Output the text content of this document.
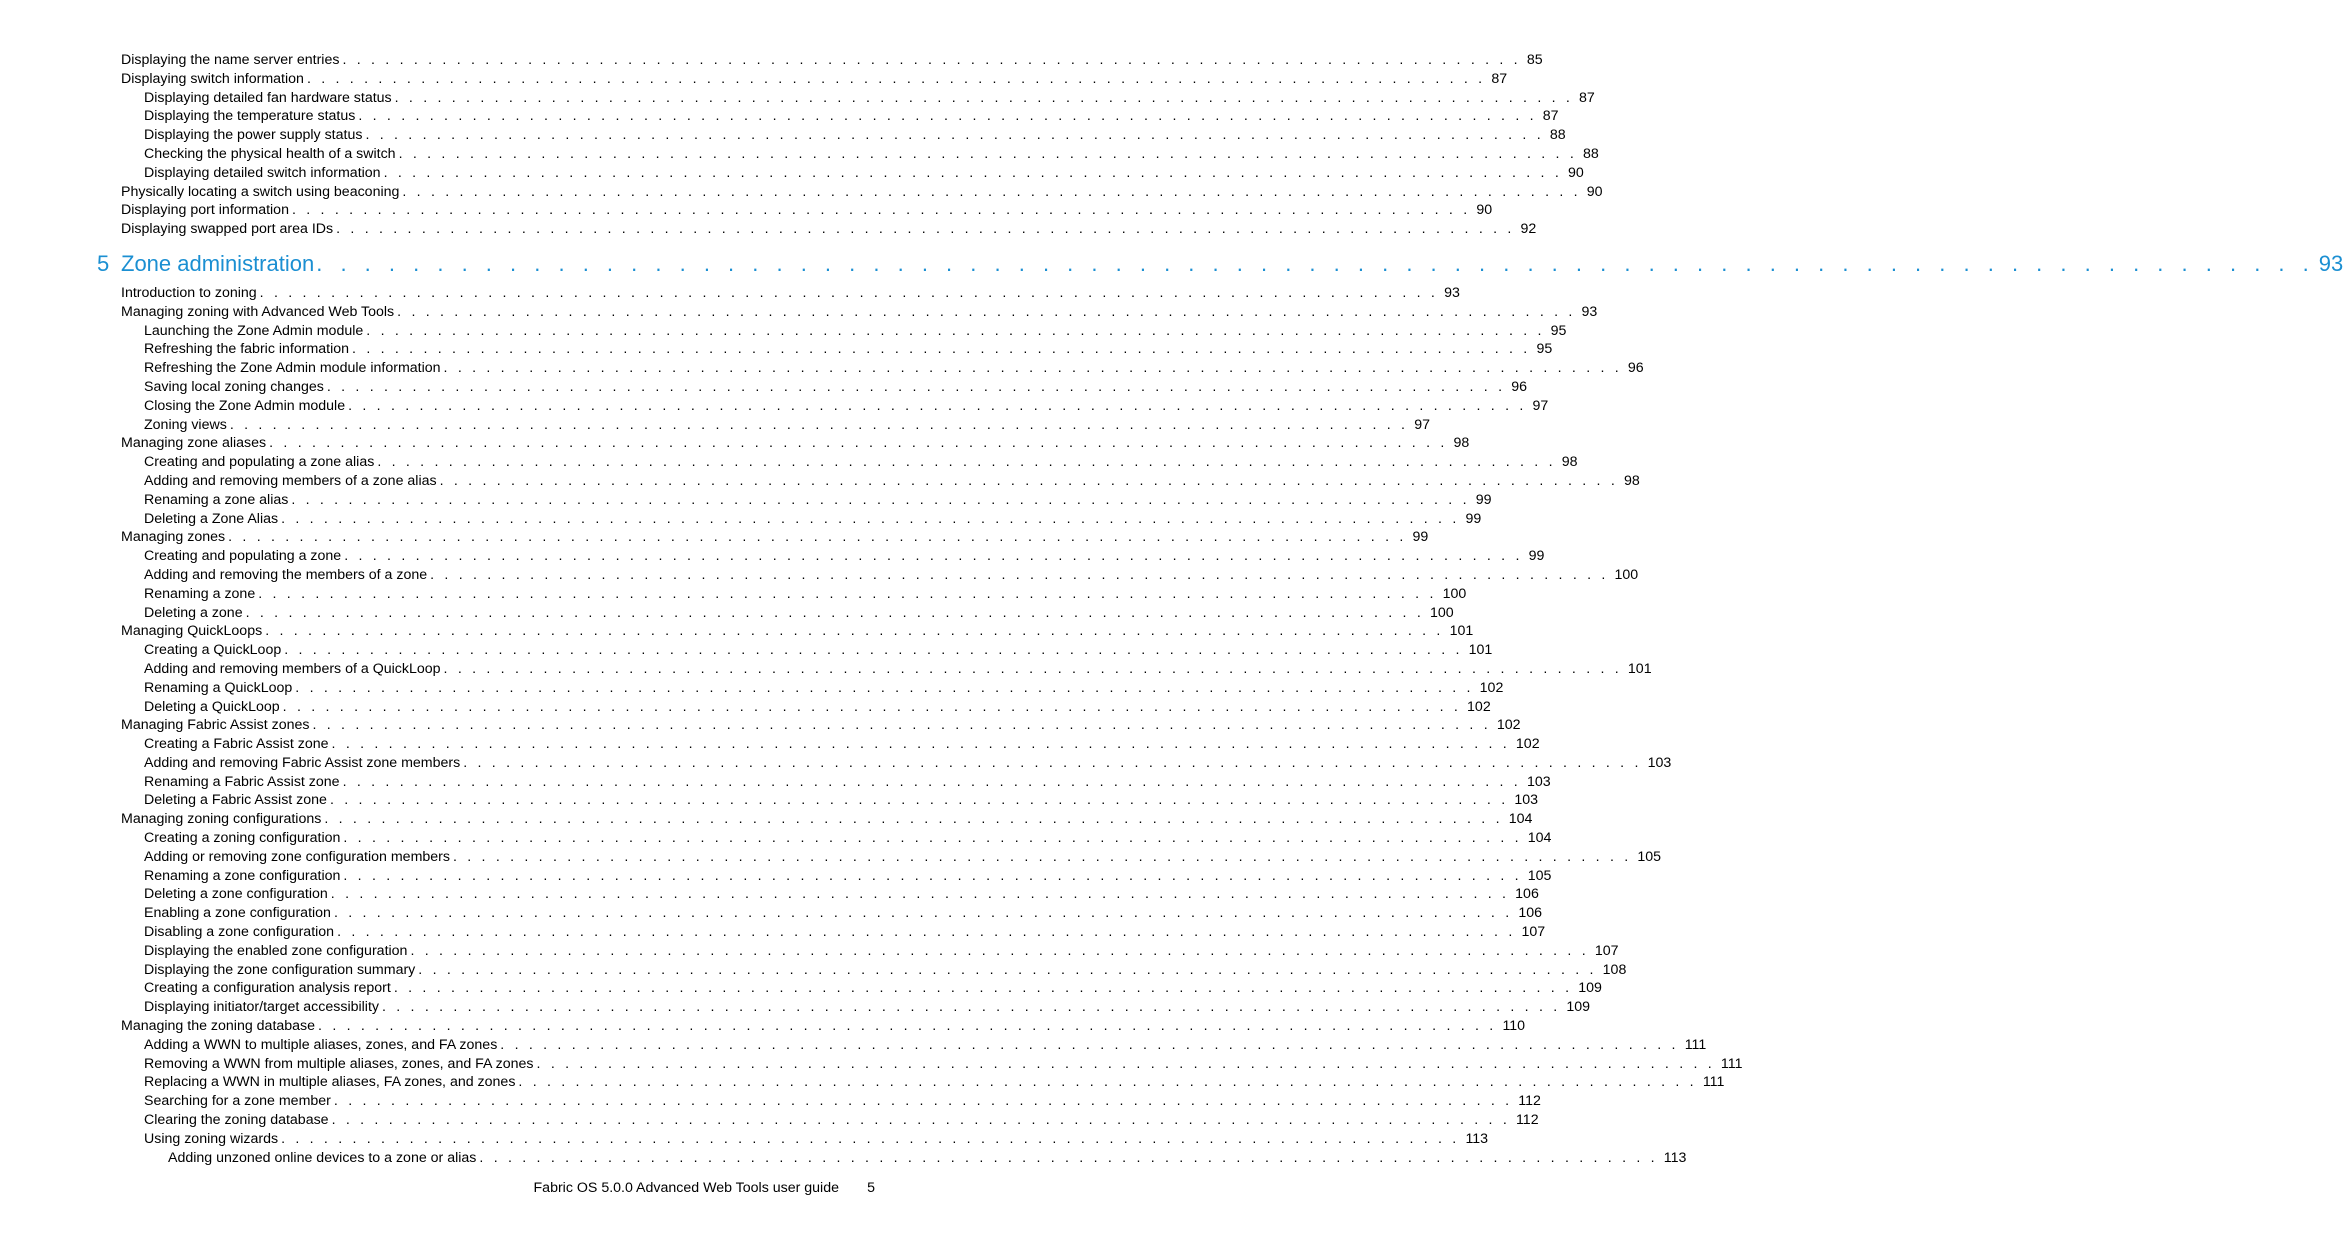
Displaying the name server entries . . . . . . . . . . . . . . . . . . . . . . . . . . . . . . . . . . . . . . . . . . . . . . . . . . . . . . . . . . . . . . . . . . . . . . . . . . . . . . . . . . . 85
Displaying switch information . . . . . . . . . . . . . . . . . . . . . . . . . . . . . . . . . . . . . . . . . . . . . . . . . . . . . . . . . . . . . . . . . . . . . . . . . . . . . . . . . . . 87
Displaying detailed fan hardware status . . . . . . . . . . . . . . . . . . . . . . . . . . . . . . . . . . . . . . . . . . . . . . . . . . . . . . . . . . . . . . . . . . . . . . . . . . . . . . . . . . . 87
Displaying the temperature status . . . . . . . . . . . . . . . . . . . . . . . . . . . . . . . . . . . . . . . . . . . . . . . . . . . . . . . . . . . . . . . . . . . . . . . . . . . . . . . . . . . 87
Displaying the power supply status . . . . . . . . . . . . . . . . . . . . . . . . . . . . . . . . . . . . . . . . . . . . . . . . . . . . . . . . . . . . . . . . . . . . . . . . . . . . . . . . . . . 88
Checking the physical health of a switch . . . . . . . . . . . . . . . . . . . . . . . . . . . . . . . . . . . . . . . . . . . . . . . . . . . . . . . . . . . . . . . . . . . . . . . . . . . . . . . . . . . 88
Displaying detailed switch information . . . . . . . . . . . . . . . . . . . . . . . . . . . . . . . . . . . . . . . . . . . . . . . . . . . . . . . . . . . . . . . . . . . . . . . . . . . . . . . . . . . 90
Physically locating a switch using beaconing . . . . . . . . . . . . . . . . . . . . . . . . . . . . . . . . . . . . . . . . . . . . . . . . . . . . . . . . . . . . . . . . . . . . . . . . . . . . . . . . . . . 90
Displaying port information . . . . . . . . . . . . . . . . . . . . . . . . . . . . . . . . . . . . . . . . . . . . . . . . . . . . . . . . . . . . . . . . . . . . . . . . . . . . . . . . . . . 90
Displaying swapped port area IDs . . . . . . . . . . . . . . . . . . . . . . . . . . . . . . . . . . . . . . . . . . . . . . . . . . . . . . . . . . . . . . . . . . . . . . . . . . . . . . . . . . . 92
5 Zone administration . . . . . . . . . . . . . . . . . . . . . . . . . . . . . . . . . . . . . . . . . . . . . . . . . . . . . . . . . . . . . . . . . . . . . . . . . . . . . . . . . . . 93
Introduction to zoning . . . . . . . . . . . . . . . . . . . . . . . . . . . . . . . . . . . . . . . . . . . . . . . . . . . . . . . . . . . . . . . . . . . . . . . . . . . . . . . . . . . 93
Managing zoning with Advanced Web Tools . . . . . . . . . . . . . . . . . . . . . . . . . . . . . . . . . . . . . . . . . . . . . . . . . . . . . . . . . . . . . . . . . . . . . . . . . . . . . . . . . . . 93
Launching the Zone Admin module . . . . . . . . . . . . . . . . . . . . . . . . . . . . . . . . . . . . . . . . . . . . . . . . . . . . . . . . . . . . . . . . . . . . . . . . . . . . . . . . . . . 95
Refreshing the fabric information . . . . . . . . . . . . . . . . . . . . . . . . . . . . . . . . . . . . . . . . . . . . . . . . . . . . . . . . . . . . . . . . . . . . . . . . . . . . . . . . . . . 95
Refreshing the Zone Admin module information . . . . . . . . . . . . . . . . . . . . . . . . . . . . . . . . . . . . . . . . . . . . . . . . . . . . . . . . . . . . . . . . . . . . . . . . . . . . . . . . . . . 96
Saving local zoning changes . . . . . . . . . . . . . . . . . . . . . . . . . . . . . . . . . . . . . . . . . . . . . . . . . . . . . . . . . . . . . . . . . . . . . . . . . . . . . . . . . . . 96
Closing the Zone Admin module . . . . . . . . . . . . . . . . . . . . . . . . . . . . . . . . . . . . . . . . . . . . . . . . . . . . . . . . . . . . . . . . . . . . . . . . . . . . . . . . . . . 97
Zoning views . . . . . . . . . . . . . . . . . . . . . . . . . . . . . . . . . . . . . . . . . . . . . . . . . . . . . . . . . . . . . . . . . . . . . . . . . . . . . . . . . . . 97
Managing zone aliases . . . . . . . . . . . . . . . . . . . . . . . . . . . . . . . . . . . . . . . . . . . . . . . . . . . . . . . . . . . . . . . . . . . . . . . . . . . . . . . . . . . 98
Creating and populating a zone alias . . . . . . . . . . . . . . . . . . . . . . . . . . . . . . . . . . . . . . . . . . . . . . . . . . . . . . . . . . . . . . . . . . . . . . . . . . . . . . . . . . . 98
Adding and removing members of a zone alias . . . . . . . . . . . . . . . . . . . . . . . . . . . . . . . . . . . . . . . . . . . . . . . . . . . . . . . . . . . . . . . . . . . . . . . . . . . . . . . . . . . 98
Renaming a zone alias . . . . . . . . . . . . . . . . . . . . . . . . . . . . . . . . . . . . . . . . . . . . . . . . . . . . . . . . . . . . . . . . . . . . . . . . . . . . . . . . . . . 99
Deleting a Zone Alias . . . . . . . . . . . . . . . . . . . . . . . . . . . . . . . . . . . . . . . . . . . . . . . . . . . . . . . . . . . . . . . . . . . . . . . . . . . . . . . . . . . 99
Managing zones . . . . . . . . . . . . . . . . . . . . . . . . . . . . . . . . . . . . . . . . . . . . . . . . . . . . . . . . . . . . . . . . . . . . . . . . . . . . . . . . . . . 99
Creating and populating a zone . . . . . . . . . . . . . . . . . . . . . . . . . . . . . . . . . . . . . . . . . . . . . . . . . . . . . . . . . . . . . . . . . . . . . . . . . . . . . . . . . . . 99
Adding and removing the members of a zone . . . . . . . . . . . . . . . . . . . . . . . . . . . . . . . . . . . . . . . . . . . . . . . . . . . . . . . . . . . . . . . . . . . . . . . . . . . . . . . . . . . 100
Renaming a zone . . . . . . . . . . . . . . . . . . . . . . . . . . . . . . . . . . . . . . . . . . . . . . . . . . . . . . . . . . . . . . . . . . . . . . . . . . . . . . . . . . . 100
Deleting a zone . . . . . . . . . . . . . . . . . . . . . . . . . . . . . . . . . . . . . . . . . . . . . . . . . . . . . . . . . . . . . . . . . . . . . . . . . . . . . . . . . . . 100
Managing QuickLoops . . . . . . . . . . . . . . . . . . . . . . . . . . . . . . . . . . . . . . . . . . . . . . . . . . . . . . . . . . . . . . . . . . . . . . . . . . . . . . . . . . . 101
Creating a QuickLoop . . . . . . . . . . . . . . . . . . . . . . . . . . . . . . . . . . . . . . . . . . . . . . . . . . . . . . . . . . . . . . . . . . . . . . . . . . . . . . . . . . . 101
Adding and removing members of a QuickLoop . . . . . . . . . . . . . . . . . . . . . . . . . . . . . . . . . . . . . . . . . . . . . . . . . . . . . . . . . . . . . . . . . . . . . . . . . . . . . . . . . . . 101
Renaming a QuickLoop . . . . . . . . . . . . . . . . . . . . . . . . . . . . . . . . . . . . . . . . . . . . . . . . . . . . . . . . . . . . . . . . . . . . . . . . . . . . . . . . . . . 102
Deleting a QuickLoop . . . . . . . . . . . . . . . . . . . . . . . . . . . . . . . . . . . . . . . . . . . . . . . . . . . . . . . . . . . . . . . . . . . . . . . . . . . . . . . . . . . 102
Managing Fabric Assist zones . . . . . . . . . . . . . . . . . . . . . . . . . . . . . . . . . . . . . . . . . . . . . . . . . . . . . . . . . . . . . . . . . . . . . . . . . . . . . . . . . . . 102
Creating a Fabric Assist zone . . . . . . . . . . . . . . . . . . . . . . . . . . . . . . . . . . . . . . . . . . . . . . . . . . . . . . . . . . . . . . . . . . . . . . . . . . . . . . . . . . . 102
Adding and removing Fabric Assist zone members . . . . . . . . . . . . . . . . . . . . . . . . . . . . . . . . . . . . . . . . . . . . . . . . . . . . . . . . . . . . . . . . . . . . . . . . . . . . . . . . . . . 103
Renaming a Fabric Assist zone . . . . . . . . . . . . . . . . . . . . . . . . . . . . . . . . . . . . . . . . . . . . . . . . . . . . . . . . . . . . . . . . . . . . . . . . . . . . . . . . . . . 103
Deleting a Fabric Assist zone . . . . . . . . . . . . . . . . . . . . . . . . . . . . . . . . . . . . . . . . . . . . . . . . . . . . . . . . . . . . . . . . . . . . . . . . . . . . . . . . . . . 103
Managing zoning configurations . . . . . . . . . . . . . . . . . . . . . . . . . . . . . . . . . . . . . . . . . . . . . . . . . . . . . . . . . . . . . . . . . . . . . . . . . . . . . . . . . . . 104
Creating a zoning configuration . . . . . . . . . . . . . . . . . . . . . . . . . . . . . . . . . . . . . . . . . . . . . . . . . . . . . . . . . . . . . . . . . . . . . . . . . . . . . . . . . . . 104
Adding or removing zone configuration members . . . . . . . . . . . . . . . . . . . . . . . . . . . . . . . . . . . . . . . . . . . . . . . . . . . . . . . . . . . . . . . . . . . . . . . . . . . . . . . . . . . 105
Renaming a zone configuration . . . . . . . . . . . . . . . . . . . . . . . . . . . . . . . . . . . . . . . . . . . . . . . . . . . . . . . . . . . . . . . . . . . . . . . . . . . . . . . . . . . 105
Deleting a zone configuration . . . . . . . . . . . . . . . . . . . . . . . . . . . . . . . . . . . . . . . . . . . . . . . . . . . . . . . . . . . . . . . . . . . . . . . . . . . . . . . . . . . 106
Enabling a zone configuration . . . . . . . . . . . . . . . . . . . . . . . . . . . . . . . . . . . . . . . . . . . . . . . . . . . . . . . . . . . . . . . . . . . . . . . . . . . . . . . . . . . 106
Disabling a zone configuration . . . . . . . . . . . . . . . . . . . . . . . . . . . . . . . . . . . . . . . . . . . . . . . . . . . . . . . . . . . . . . . . . . . . . . . . . . . . . . . . . . . 107
Displaying the enabled zone configuration . . . . . . . . . . . . . . . . . . . . . . . . . . . . . . . . . . . . . . . . . . . . . . . . . . . . . . . . . . . . . . . . . . . . . . . . . . . . . . . . . . . 107
Displaying the zone configuration summary . . . . . . . . . . . . . . . . . . . . . . . . . . . . . . . . . . . . . . . . . . . . . . . . . . . . . . . . . . . . . . . . . . . . . . . . . . . . . . . . . . . 108
Creating a configuration analysis report . . . . . . . . . . . . . . . . . . . . . . . . . . . . . . . . . . . . . . . . . . . . . . . . . . . . . . . . . . . . . . . . . . . . . . . . . . . . . . . . . . . 109
Displaying initiator/target accessibility . . . . . . . . . . . . . . . . . . . . . . . . . . . . . . . . . . . . . . . . . . . . . . . . . . . . . . . . . . . . . . . . . . . . . . . . . . . . . . . . . . . 109
Managing the zoning database . . . . . . . . . . . . . . . . . . . . . . . . . . . . . . . . . . . . . . . . . . . . . . . . . . . . . . . . . . . . . . . . . . . . . . . . . . . . . . . . . . . 110
Adding a WWN to multiple aliases, zones, and FA zones . . . . . . . . . . . . . . . . . . . . . . . . . . . . . . . . . . . . . . . . . . . . . . . . . . . . . . . . . . . . . . . . . . . . . . . . . . . . . . . . . . . 111
Removing a WWN from multiple aliases, zones, and FA zones . . . . . . . . . . . . . . . . . . . . . . . . . . . . . . . . . . . . . . . . . . . . . . . . . . . . . . . . . . . . . . . . . . . . . . . . . . . . . . . . . . . 111
Replacing a WWN in multiple aliases, FA zones, and zones . . . . . . . . . . . . . . . . . . . . . . . . . . . . . . . . . . . . . . . . . . . . . . . . . . . . . . . . . . . . . . . . . . . . . . . . . . . . . . . . . . . 111
Searching for a zone member . . . . . . . . . . . . . . . . . . . . . . . . . . . . . . . . . . . . . . . . . . . . . . . . . . . . . . . . . . . . . . . . . . . . . . . . . . . . . . . . . . . 112
Clearing the zoning database . . . . . . . . . . . . . . . . . . . . . . . . . . . . . . . . . . . . . . . . . . . . . . . . . . . . . . . . . . . . . . . . . . . . . . . . . . . . . . . . . . . 112
Using zoning wizards . . . . . . . . . . . . . . . . . . . . . . . . . . . . . . . . . . . . . . . . . . . . . . . . . . . . . . . . . . . . . . . . . . . . . . . . . . . . . . . . . . . 113
Adding unzoned online devices to a zone or alias . . . . . . . . . . . . . . . . . . . . . . . . . . . . . . . . . . . . . . . . . . . . . . . . . . . . . . . . . . . . . . . . . . . . . . . . . . . . . . . . . . . 113
Fabric OS 5.0.0 Advanced Web Tools user guide 5
